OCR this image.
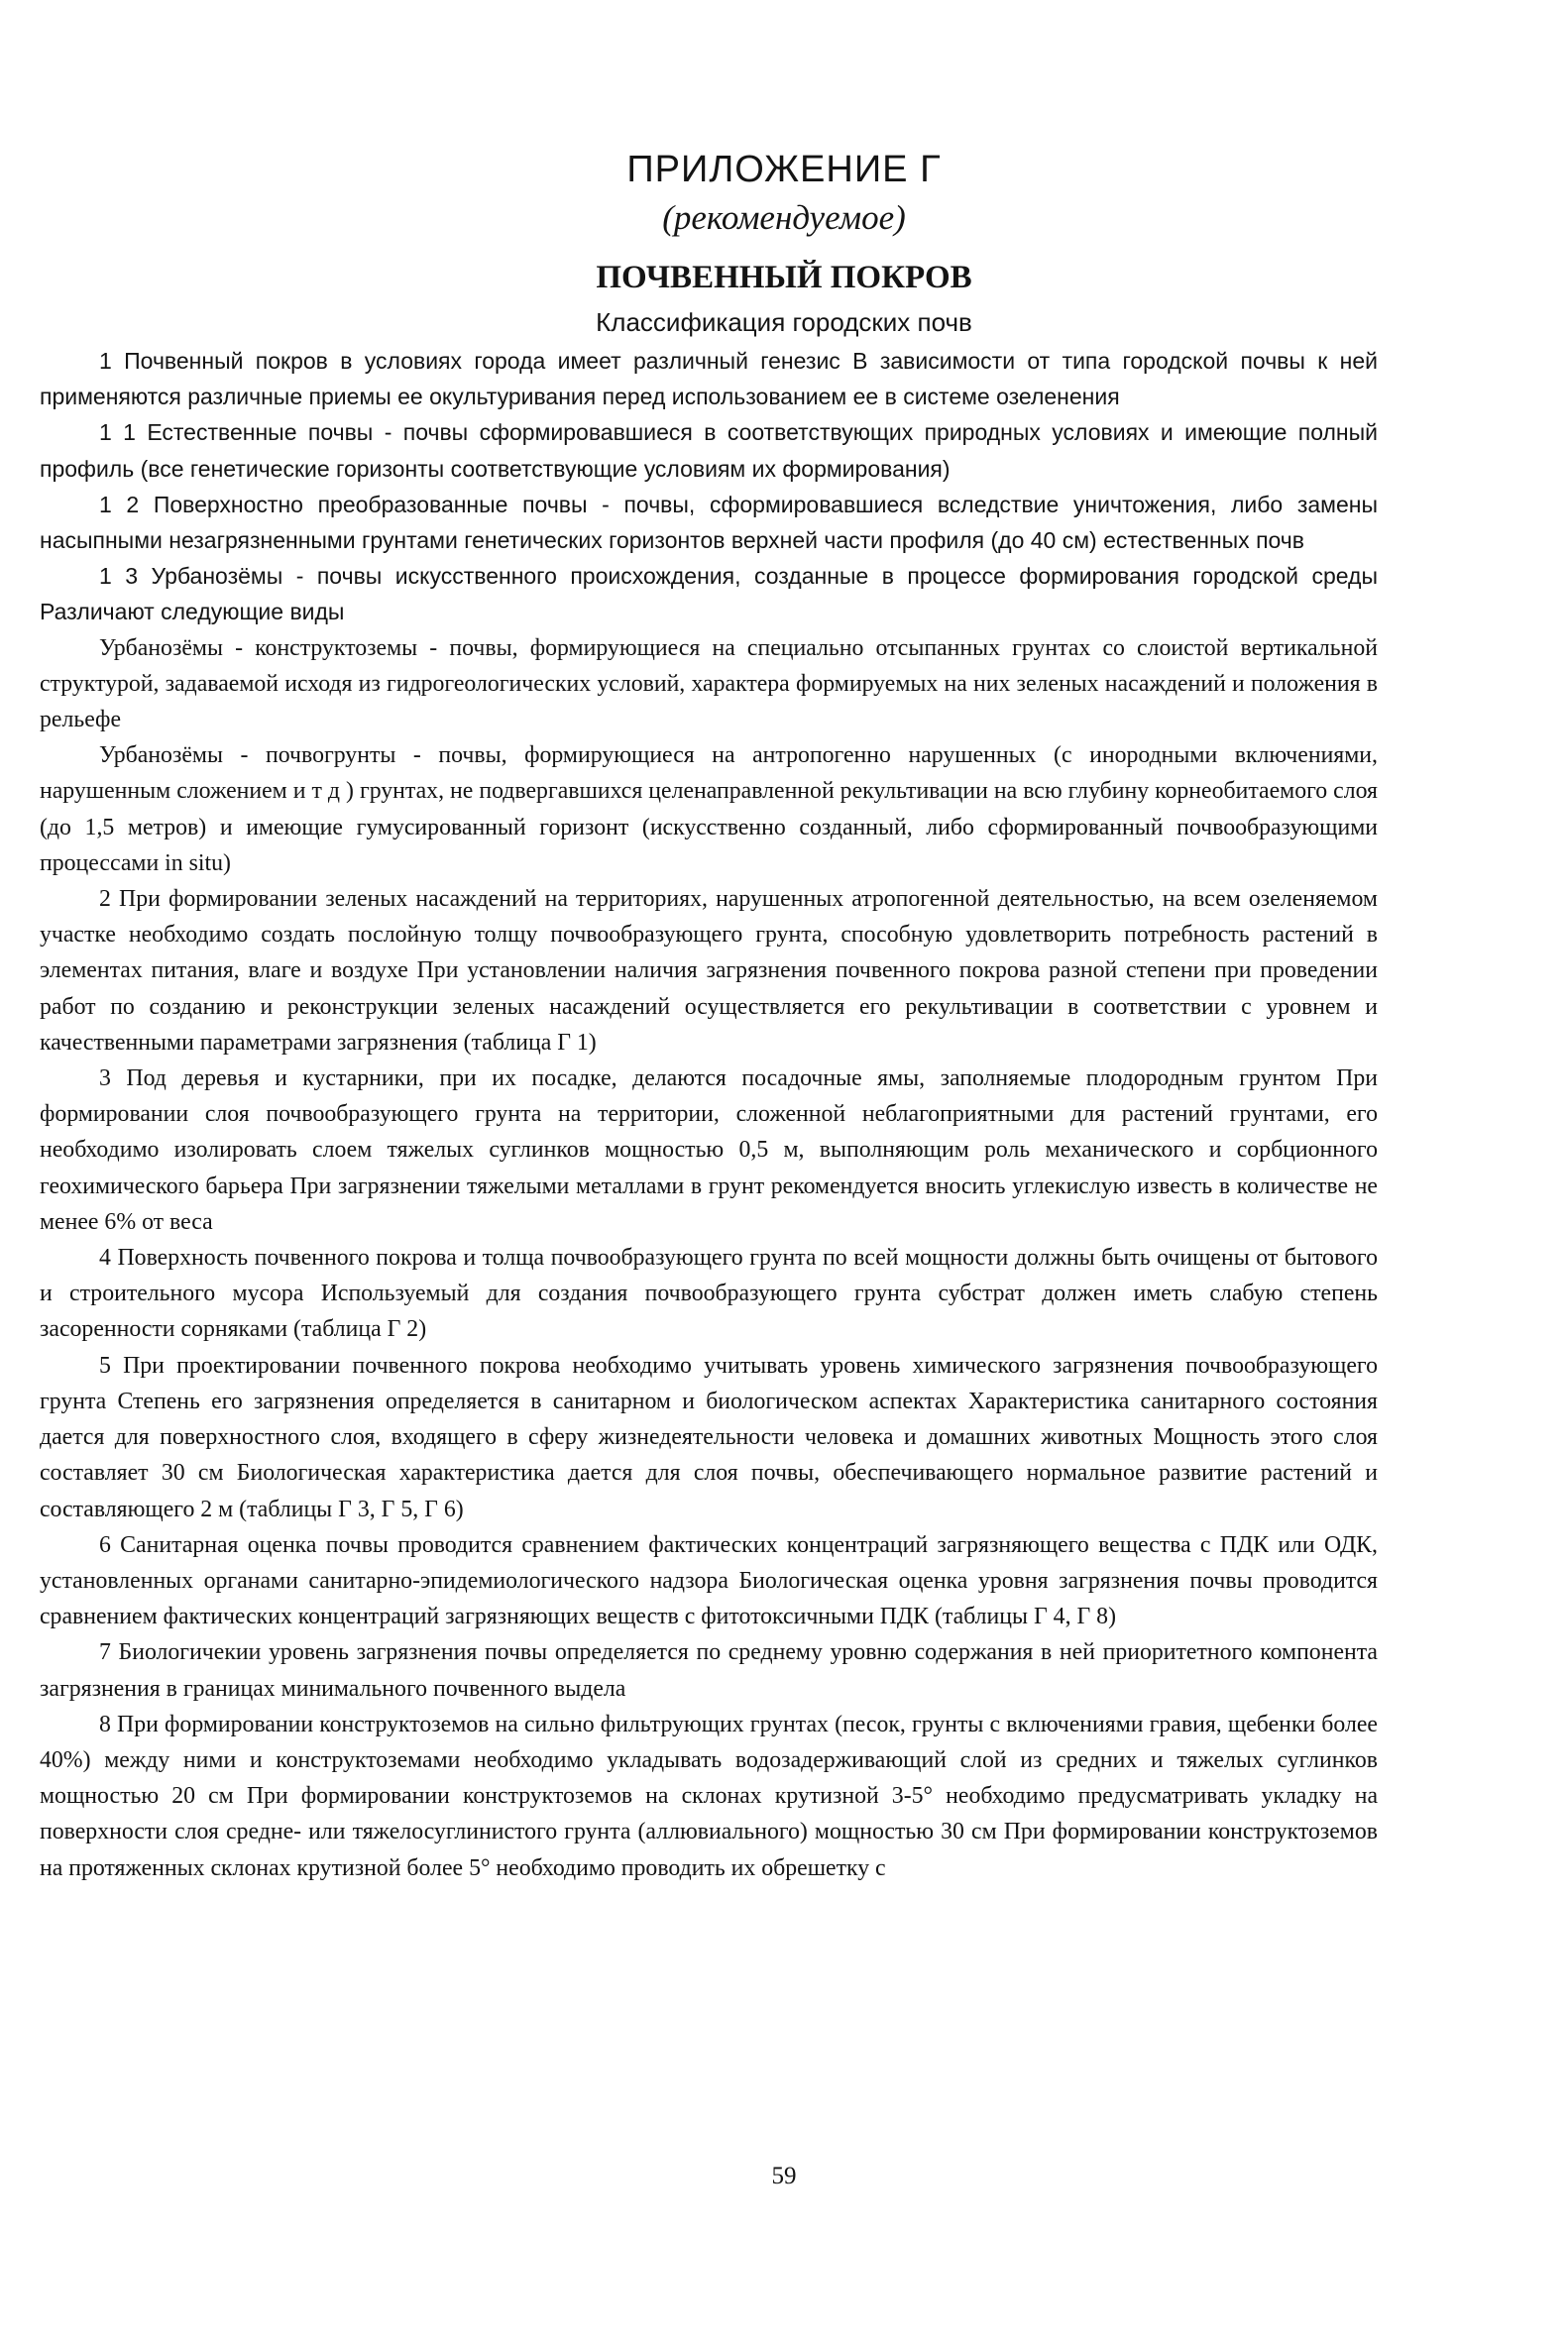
ПРИЛОЖЕНИЕ Г
(рекомендуемое)
ПОЧВЕННЫЙ ПОКРОВ
Классификация городских почв

1 Почвенный покров в условиях города имеет различный генезис В зависимости от типа городской почвы к ней применяются различные приемы ее окультуривания перед использованием ее в системе озеленения

1 1 Естественные почвы - почвы сформировавшиеся в соответствующих природных условиях и имеющие полный профиль (все генетические горизонты соответствующие условиям их формирования)

1 2 Поверхностно преобразованные почвы - почвы, сформировавшиеся вследствие уничтожения, либо замены насыпными незагрязненными грунтами генетических горизонтов верхней части профиля (до 40 см) естественных почв

1 3 Урбанозёмы - почвы искусственного происхождения, созданные в процессе формирования городской среды Различают следующие виды

Урбанозёмы - конструктоземы - почвы, формирующиеся на специально отсыпанных грунтах со слоистой вертикальной структурой, задаваемой исходя из гидрогеологических условий, характера формируемых на них зеленых насаждений и положения в рельефе

Урбанозёмы - почвогрунты - почвы, формирующиеся на антропогенно нарушенных (с инородными включениями, нарушенным сложением и т д ) грунтах, не подвергавшихся целенаправленной рекультивации на всю глубину корнеобитаемого слоя (до 1,5 метров) и имеющие гумусированный горизонт (искусственно созданный, либо сформированный почвообразующими процессами in situ)

2 При формировании зеленых насаждений на территориях, нарушенных атропогенной деятельностью, на всем озеленяемом участке необходимо создать послойную толщу почвообразующего грунта, способную удовлетворить потребность растений в элементах питания, влаге и воздухе При установлении наличия загрязнения почвенного покрова разной степени при проведении работ по созданию и реконструкции зеленых насаждений осуществляется его рекультивации в соответствии с уровнем и качественными параметрами загрязнения (таблица Г 1)

3 Под деревья и кустарники, при их посадке, делаются посадочные ямы, заполняемые плодородным грунтом При формировании слоя почвообразующего грунта на территории, сложенной неблагоприятными для растений грунтами, его необходимо изолировать слоем тяжелых суглинков мощностью 0,5 м, выполняющим роль механического и сорбционного геохимического барьера При загрязнении тяжелыми металлами в грунт рекомендуется вносить углекислую известь в количестве не менее 6% от веса

4 Поверхность почвенного покрова и толща почвообразующего грунта по всей мощности должны быть очищены от бытового и строительного мусора Используемый для создания почвообразующего грунта субстрат должен иметь слабую степень засоренности сорняками (таблица Г 2)

5 При проектировании почвенного покрова необходимо учитывать уровень химического загрязнения почвообразующего грунта Степень его загрязнения определяется в санитарном и биологическом аспектах Характеристика санитарного состояния дается для поверхностного слоя, входящего в сферу жизнедеятельности человека и домашних животных Мощность этого слоя составляет 30 см Биологическая характеристика дается для слоя почвы, обеспечивающего нормальное развитие растений и составляющего 2 м (таблицы Г 3, Г 5, Г 6)

6 Санитарная оценка почвы проводится сравнением фактических концентраций загрязняющего вещества с ПДК или ОДК, установленных органами санитарно-эпидемиологического надзора Биологическая оценка уровня загрязнения почвы проводится сравнением фактических концентраций загрязняющих веществ с фитотоксичными ПДК (таблицы Г 4, Г 8)

7 Биологичекии уровень загрязнения почвы определяется по среднему уровню содержания в ней приоритетного компонента загрязнения в границах минимального почвенного выдела

8 При формировании конструктоземов на сильно фильтрующих грунтах (песок, грунты с включениями гравия, щебенки более 40%) между ними и конструктоземами необходимо укладывать водозадерживающий слой из средних и тяжелых суглинков мощностью 20 см При формировании конструктоземов на склонах крутизной 3-5° необходимо предусматривать укладку на поверхности слоя средне- или тяжелосуглинистого грунта (аллювиального) мощностью 30 см При формировании конструктоземов на протяженных склонах крутизной более 5° необходимо проводить их обрешетку с

59
